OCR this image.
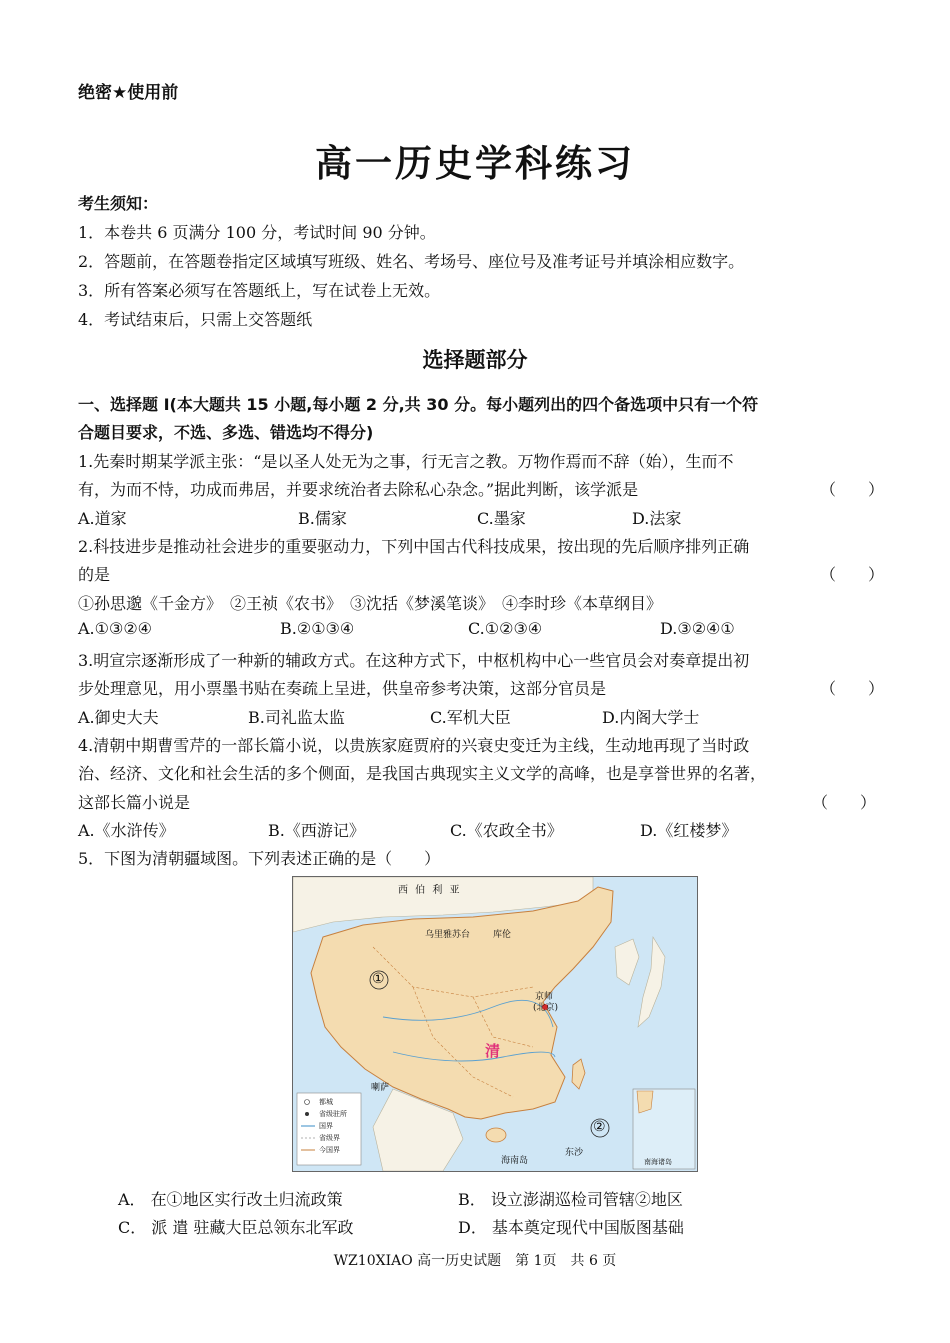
绝密★使用前
高一历史学科练习
考生须知：
1．本卷共 6 页满分 100 分，考试时间 90 分钟。
2．答题前，在答题卷指定区域填写班级、姓名、考场号、座位号及准考证号并填涂相应数字。
3．所有答案必须写在答题纸上，写在试卷上无效。
4．考试结束后，只需上交答题纸
选择题部分
一、选择题 I(本大题共 15 小题,每小题 2 分,共 30 分。每小题列出的四个备选项中只有一个符
合题目要求，不选、多选、错选均不得分)
1.先秦时期某学派主张：“是以圣人处无为之事，行无言之教。万物作焉而不辞（始），生而不
有，为而不恃，功成而弗居，并要求统治者去除私心杂念。”据此判断，该学派是	（　　）
A.道家	B.儒家	C.墨家	D.法家
2.科技进步是推动社会进步的重要驱动力，下列中国古代科技成果，按出现的先后顺序排列正确
的是	（　　）
①孙思邈《千金方》　②王祯《农书》　③沈括《梦溪笔谈》　④李时珍《本草纲目》
A.①③②④	B.②①③④	C.①②③④	D.③②④①
3.明宣宗逐渐形成了一种新的辅政方式。在这种方式下，中枢机构中心一些官员会对奏章提出初
步处理意见，用小票墨书贴在奏疏上呈进，供皇帝参考决策，这部分官员是	（　　）
A.御史大夫	B.司礼监太监	C.军机大臣	D.内阁大学士
4.清朝中期曹雪芹的一部长篇小说，以贵族家庭贾府的兴衰史变迁为主线，生动地再现了当时政
治、经济、文化和社会生活的多个侧面，是我国古典现实主义文学的高峰，也是享誉世界的名著，
这部长篇小说是	（　　）
A.《水浒传》	B.《西游记》	C.《农政全书》	D.《红楼梦》
5．下图为清朝疆域图。下列表述正确的是（　　）
西 伯 利 亚
乌里雅苏台	库伦
京师
(北京)
清
喇萨
东沙
海南岛
①
②
南海诸岛
都城
省级驻所
国界
省级界
今国界
A． 在①地区实行改土归流政策	B． 设立澎湖巡检司管辖②地区
C． 派 遣 驻藏大臣总领东北军政	D． 基本奠定现代中国版图基础
WZ10XIAO 高一历史试题　第 1页　共 6 页
